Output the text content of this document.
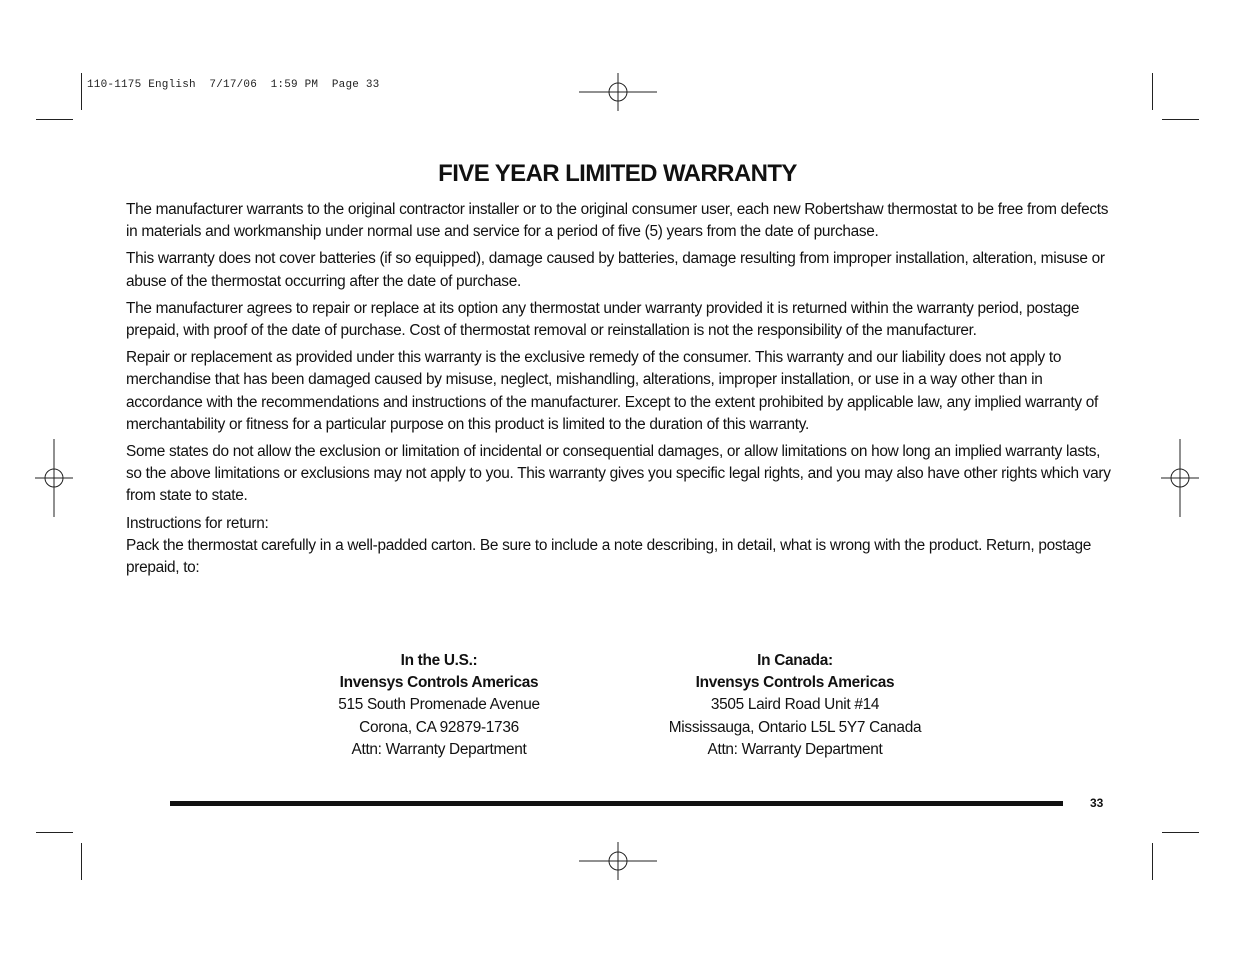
110-1175 English  7/17/06  1:59 PM  Page 33
FIVE YEAR LIMITED WARRANTY

The manufacturer warrants to the original contractor installer or to the original consumer user, each new Robertshaw thermostat to be free from defects in materials and workmanship under normal use and service for a period of five (5) years from the date of purchase.

This warranty does not cover batteries (if so equipped), damage caused by batteries, damage resulting from improper installation, alteration, misuse or abuse of the thermostat occurring after the date of purchase.

The manufacturer agrees to repair or replace at its option any thermostat under warranty provided it is returned within the warranty period, postage prepaid, with proof of the date of purchase. Cost of thermostat removal or reinstallation is not the responsibility of the manufacturer.

Repair or replacement as provided under this warranty is the exclusive remedy of the consumer. This warranty and our liability does not apply to merchandise that has been damaged caused by misuse, neglect, mishandling, alterations, improper installation, or use in a way other than in accordance with the recommendations and instructions of the manufacturer. Except to the extent prohibited by applicable law, any implied warranty of merchantability or fitness for a particular purpose on this product is limited to the duration of this warranty.

Some states do not allow the exclusion or limitation of incidental or consequential damages, or allow limitations on how long an implied warranty lasts, so the above limitations or exclusions may not apply to you. This warranty gives you specific legal rights, and you may also have other rights which vary from state to state.

Instructions for return:
Pack the thermostat carefully in a well-padded carton. Be sure to include a note describing, in detail, what is wrong with the product. Return, postage prepaid, to:
In the U.S.:
Invensys Controls Americas
515 South Promenade Avenue
Corona, CA 92879-1736
Attn: Warranty Department
In Canada:
Invensys Controls Americas
3505 Laird Road Unit #14
Mississauga, Ontario L5L 5Y7 Canada
Attn: Warranty Department
33
